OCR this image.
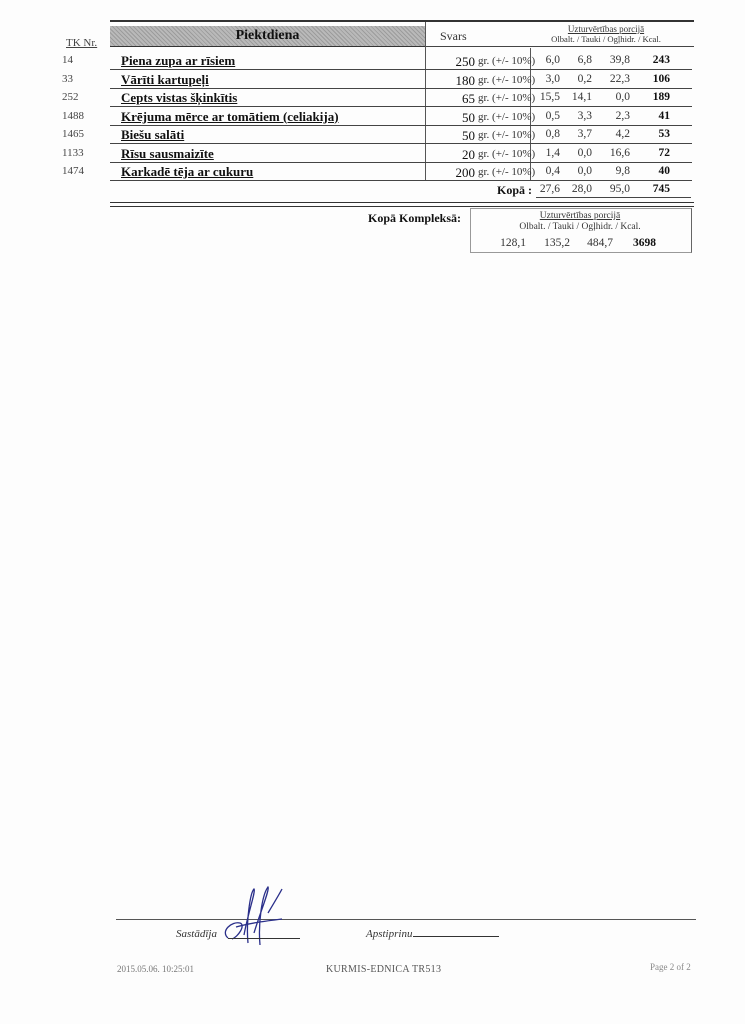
Piektdiena
TK Nr.	Svars	Uzturvērtības porcijā
Olbalt. / Tauki / Ogļhidr. / Kcal.
14	Piena zupa ar rīsiem	250 gr. (+/- 10%) 6,0	6,8	39,8	243
33	Vārīti kartupeļi	180 gr. (+/- 10%) 3,0	0,2	22,3	106
252	Cepts vistas šķinkītis	65 gr. (+/- 10%) 15,5	14,1	0,0	189
1488	Krējuma mērce ar tomātiem (celiakija)	50 gr. (+/- 10%) 0,5	3,3	2,3	41
1465	Biešu salāti	50 gr. (+/- 10%) 0,8	3,7	4,2	53
1133	Rīsu sausmaizīte	20 gr. (+/- 10%) 1,4	0,0	16,6	72
1474	Karkadē tēja ar cukuru	200 gr. (+/- 10%) 0,4	0,0	9,8	40
Kopā : 27,6	28,0	95,0	745
Kopā Kompleksā:	Uzturvērtības porcijā
Olbalt. / Tauki / Ogļhidr. / Kcal.
128,1	135,2	484,7	3698
Sastādīja	Apstiprinu
2015.05.06. 10:25:01	KURMIS-EDNICA TR513	Page 2 of 2
